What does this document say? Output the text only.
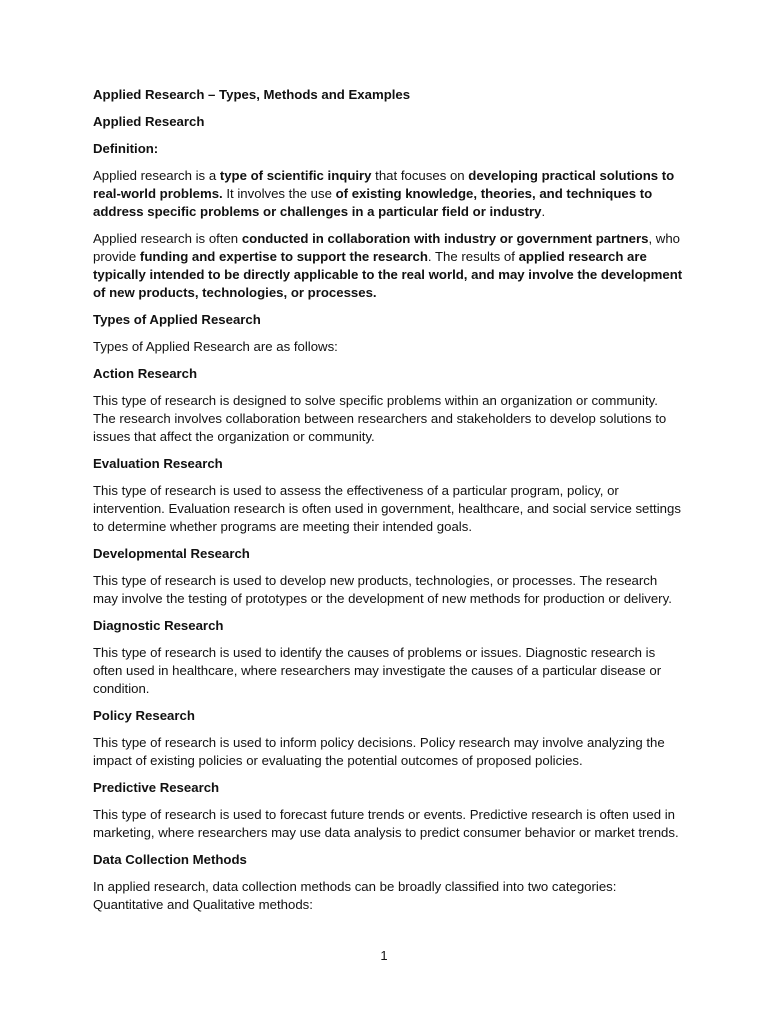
Applied Research – Types, Methods and Examples

Applied Research

Definition:

Applied research is a type of scientific inquiry that focuses on developing practical solutions to real-world problems. It involves the use of existing knowledge, theories, and techniques to address specific problems or challenges in a particular field or industry.

Applied research is often conducted in collaboration with industry or government partners, who provide funding and expertise to support the research. The results of applied research are typically intended to be directly applicable to the real world, and may involve the development of new products, technologies, or processes.

Types of Applied Research

Types of Applied Research are as follows:

Action Research

This type of research is designed to solve specific problems within an organization or community. The research involves collaboration between researchers and stakeholders to develop solutions to issues that affect the organization or community.

Evaluation Research

This type of research is used to assess the effectiveness of a particular program, policy, or intervention. Evaluation research is often used in government, healthcare, and social service settings to determine whether programs are meeting their intended goals.

Developmental Research

This type of research is used to develop new products, technologies, or processes. The research may involve the testing of prototypes or the development of new methods for production or delivery.

Diagnostic Research

This type of research is used to identify the causes of problems or issues. Diagnostic research is often used in healthcare, where researchers may investigate the causes of a particular disease or condition.

Policy Research

This type of research is used to inform policy decisions. Policy research may involve analyzing the impact of existing policies or evaluating the potential outcomes of proposed policies.

Predictive Research

This type of research is used to forecast future trends or events. Predictive research is often used in marketing, where researchers may use data analysis to predict consumer behavior or market trends.

Data Collection Methods

In applied research, data collection methods can be broadly classified into two categories: Quantitative and Qualitative methods:

1
